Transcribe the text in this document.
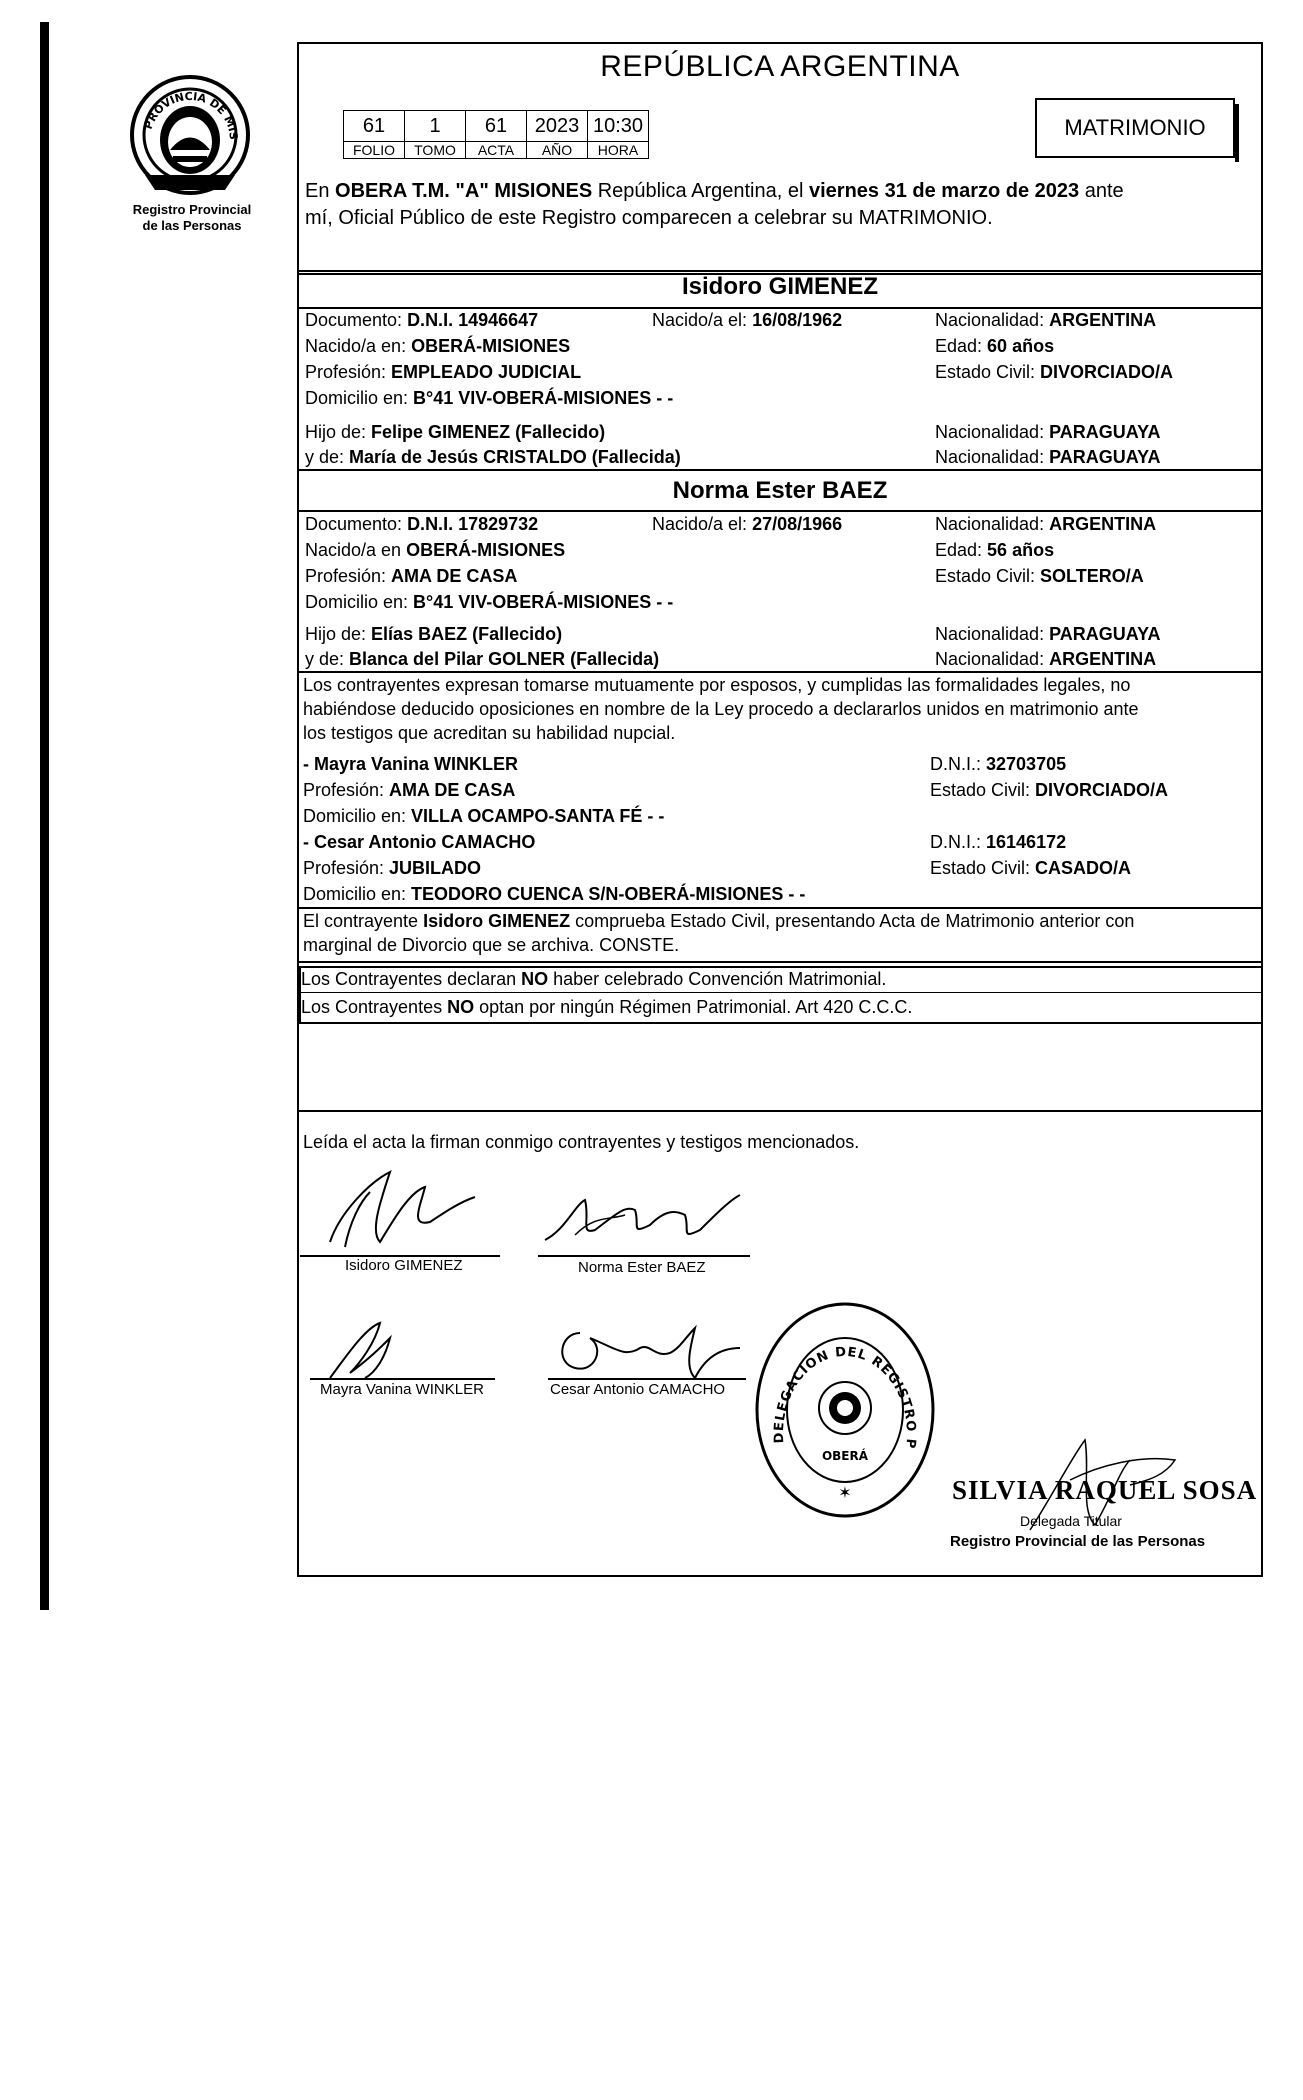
PROVINCIA DE MIS
Registro Provincial
de las Personas
REPÚBLICA ARGENTINA
61	1	61	2023	10:30
FOLIO	TOMO	ACTA	AÑO	HORA
MATRIMONIO
En OBERA T.M. "A" MISIONES República Argentina, el viernes 31 de marzo de 2023 ante
mí, Oficial Público de este Registro comparecen a celebrar su MATRIMONIO.
Isidoro GIMENEZ
Documento: D.N.I. 14946647	Nacido/a el: 16/08/1962	Nacionalidad: ARGENTINA
Nacido/a en: OBERÁ-MISIONES	Edad: 60 años
Profesión: EMPLEADO JUDICIAL	Estado Civil: DIVORCIADO/A
Domicilio en: B°41 VIV-OBERÁ-MISIONES - -
Hijo de: Felipe GIMENEZ (Fallecido)	Nacionalidad: PARAGUAYA
y de: María de Jesús CRISTALDO (Fallecida)	Nacionalidad: PARAGUAYA
Norma Ester BAEZ
Documento: D.N.I. 17829732	Nacido/a el: 27/08/1966	Nacionalidad: ARGENTINA
Nacido/a en OBERÁ-MISIONES	Edad: 56 años
Profesión: AMA DE CASA	Estado Civil: SOLTERO/A
Domicilio en: B°41 VIV-OBERÁ-MISIONES - -
Hijo de: Elías BAEZ (Fallecido)	Nacionalidad: PARAGUAYA
y de: Blanca del Pilar GOLNER (Fallecida)	Nacionalidad: ARGENTINA
Los contrayentes expresan tomarse mutuamente por esposos, y cumplidas las formalidades legales, no
habiéndose deducido oposiciones en nombre de la Ley procedo a declararlos unidos en matrimonio ante
los testigos que acreditan su habilidad nupcial.
- Mayra Vanina WINKLER	D.N.I.: 32703705
Profesión: AMA DE CASA	Estado Civil: DIVORCIADO/A
Domicilio en: VILLA OCAMPO-SANTA FÉ - -
- Cesar Antonio CAMACHO	D.N.I.: 16146172
Profesión: JUBILADO	Estado Civil: CASADO/A
Domicilio en: TEODORO CUENCA S/N-OBERÁ-MISIONES - -
El contrayente Isidoro GIMENEZ comprueba Estado Civil, presentando Acta de Matrimonio anterior con
marginal de Divorcio que se archiva. CONSTE.
Los Contrayentes declaran NO haber celebrado Convención Matrimonial.
Los Contrayentes NO optan por ningún Régimen Patrimonial. Art 420 C.C.C.
Leída el acta la firman conmigo contrayentes y testigos mencionados.
Isidoro GIMENEZ	Norma Ester BAEZ
Mayra Vanina WINKLER	Cesar Antonio CAMACHO
DELEGACION DEL REGISTRO P
OBERÁ
✶	SILVIA RAQUEL SOSA
Delegada Titular
Registro Provincial de las Personas
